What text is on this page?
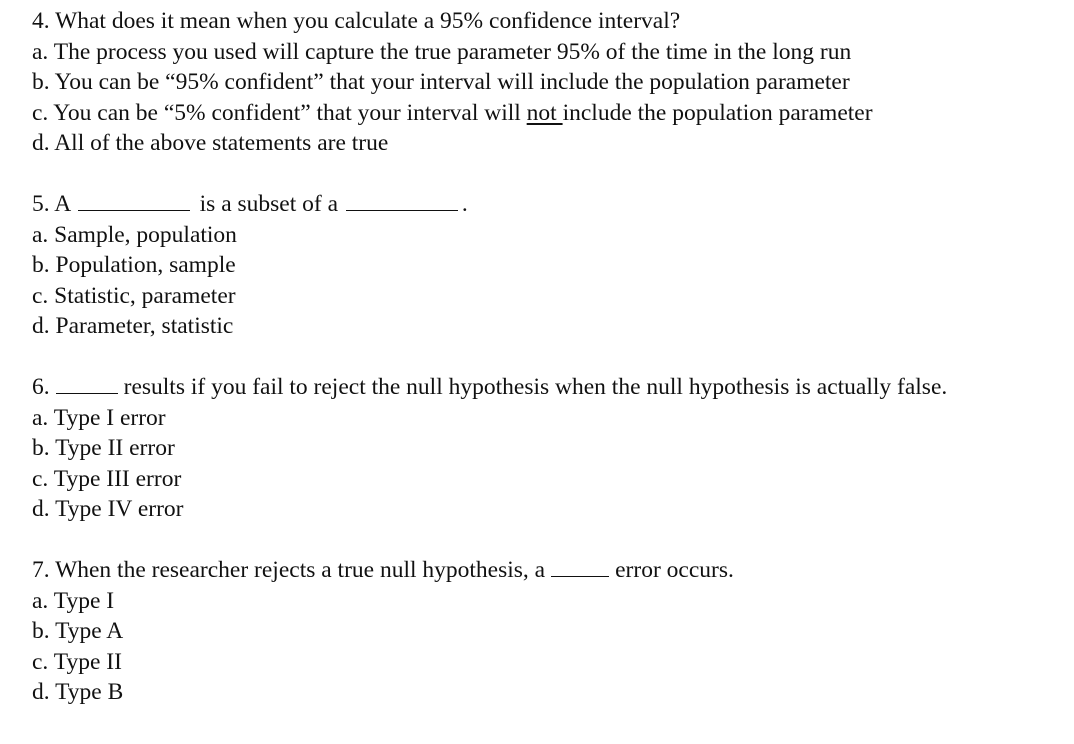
4. What does it mean when you calculate a 95% confidence interval?
a. The process you used will capture the true parameter 95% of the time in the long run
b. You can be “95% confident” that your interval will include the population parameter
c. You can be “5% confident” that your interval will not include the population parameter
d. All of the above statements are true
5. A	is a subset of a	.
a. Sample, population
b. Population, sample
c. Statistic, parameter
d. Parameter, statistic
6.	results if you fail to reject the null hypothesis when the null hypothesis is actually false.
a. Type I error
b. Type II error
c. Type III error
d. Type IV error
7. When the researcher rejects a true null hypothesis, a	error occurs.
a. Type I
b. Type A
c. Type II
d. Type B
